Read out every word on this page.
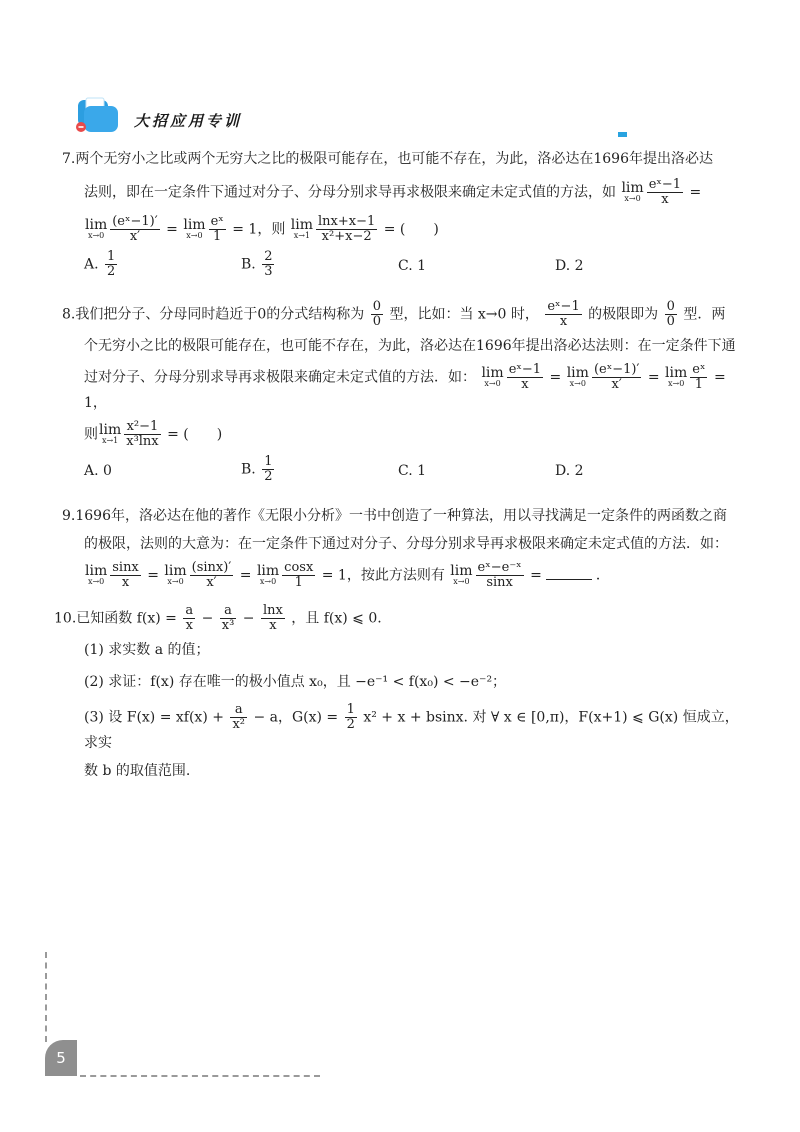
大招应用专训

7.两个无穷小之比或两个无穷大之比的极限可能存在，也可能不存在，为此，洛必达在1696年提出洛必达

法则，即在一定条件下通过对分子、分母分别求导再求极限来确定未定式值的方法，如 lim
$x\to 0 \frac{\text{eˣ−1}}{x}$ =

lim
$x\to 0 \frac{\text{(eˣ−1)′}}{x'} = \lim$
$x\to 0 \frac{\text{eˣ}}{1} = 1$，则 lim
$x\to 1 \frac{\ln x+x-1}{\text{x²+x−2}}$ = (　　)

A. $\frac{1}{2}$	B. $\frac{2}{3}$	C. 1	D. 2

8.我们把分子、分母同时趋近于0的分式结构称为 $\frac{0}{0}$ 型，比如：当 x→0 时， $\frac{\text{eˣ−1}}{x}$ 的极限即为 $\frac{0}{0}$ 型．两

个无穷小之比的极限可能存在，也可能不存在，为此，洛必达在1696年提出洛必达法则：在一定条件下通

过对分子、分母分别求导再求极限来确定未定式值的方法．如： lim
$x\to 0 \frac{\text{eˣ−1}}{x} = \lim$
$x\to 0 \frac{\text{(eˣ−1)′}}{x'} = \lim$
$x\to 0 \frac{\text{eˣ}}{1} = 1$，

则 lim
$x\to 1 \frac{\text{x²−1}}{\text{x³lnx}}$ = (　　)

A. 0	B. $\frac{1}{2}$	C. 1	D. 2

9.1696年，洛必达在他的著作《无限小分析》一书中创造了一种算法，用以寻找满足一定条件的两函数之商

的极限，法则的大意为：在一定条件下通过对分子、分母分别求导再求极限来确定未定式值的方法．如：

lim
$x\to 0 \frac{\sin x}{x} = \lim$
$x\to 0 \frac{(\sin x)'}{x'} = \lim$
$x\to 0 \frac{\cos x}{1} = 1$，按此方法则有 lim
$x\to 0 \frac{\text{eˣ−e⁻ˣ}}{\sin x}$ =	．

10.已知函数 $f(x) = \frac{a}{x} - \frac{a}{\text{x³}} - \frac{\ln x}{x}$ ，且 f(x) ⩽ 0.

(1) 求实数 a 的值；

(2) 求证：f(x) 存在唯一的极小值点 x₀，且 −e⁻¹ < f(x₀) < −e⁻²；

(3) 设 $F(x) = xf(x) + \frac{a}{\text{x²}} - a$，$G(x) = \frac{1}{2} x^2 + x + bsinx$. 对 ∀ x ∈ [0,π)，F(x+1) ⩽ G(x) 恒成立，求实

数 b 的取值范围.

5
